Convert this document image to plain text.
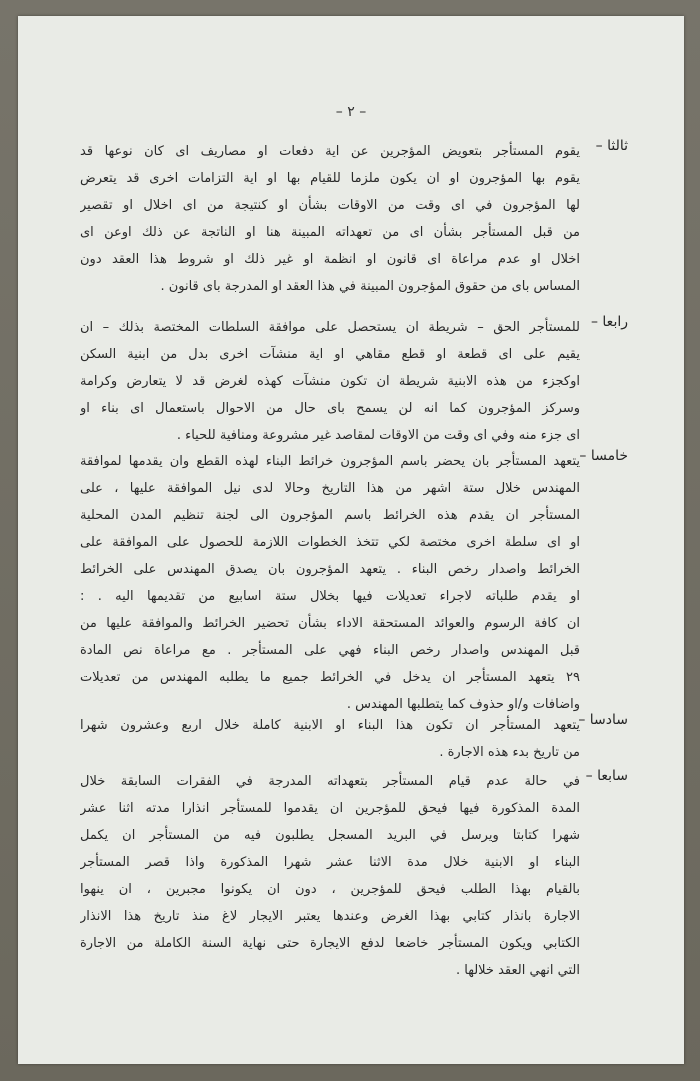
– ٢ –
ثالثا –
يقوم المستأجر بتعويض المؤجرين عن اية دفعات او مصاريف اى كان نوعها قد
يقوم بها المؤجرون او ان يكون ملزما للقيام بها او اية التزامات اخرى قد يتعرض
لها المؤجرون في اى وقت من الاوقات بشأن او كنتيجة من اى اخلال او تقصير
من قبل المستأجر بشأن اى من تعهداته المبينة هنا او الناتجة عن ذلك اوعن اى
اخلال او عدم مراعاة اى قانون او انظمة او غير ذلك او شروط هذا العقد دون
المساس باى من حقوق المؤجرون المبينة في هذا العقد او المدرجة باى قانون .
رابعا –
للمستأجر الحق – شريطة ان يستحصل على موافقة السلطات المختصة بذلك – ان
يقيم على اى قطعة او قطع مقاهي او اية منشآت اخرى بدل من ابنية السكن
اوكجزء من هذه الابنية شريطة ان تكون منشآت كهذه لغرض قد لا يتعارض وكرامة
وسركز المؤجرون كما انه لن يسمح باى حال من الاحوال باستعمال اى بناء او
اى جزء منه وفي اى وقت من الاوقات لمقاصد غير مشروعة ومنافية للحياء .
خامسا –
يتعهد المستأجر بان يحضر باسم المؤجرون خرائط البناء لهذه القطع وان يقدمها لموافقة
المهندس خلال ستة اشهر من هذا التاريخ وحالا لدى نيل الموافقة عليها ، على
المستأجر ان يقدم هذه الخرائط باسم المؤجرون الى لجنة تنظيم المدن المحلية
او اى سلطة اخرى مختصة لكي تتخذ الخطوات اللازمة للحصول على الموافقة على
الخرائط واصدار رخص البناء . يتعهد المؤجرون بان يصدق المهندس على الخرائط
او يقدم طلباته لاجراء تعديلات فيها بخلال ستة اسابيع من تقديمها اليه . :
ان كافة الرسوم والعوائد المستحقة الاداء بشأن تحضير الخرائط والموافقة عليها من
قبل المهندس واصدار رخص البناء فهي على المستأجر . مع مراعاة نص المادة
٢٩ يتعهد المستأجر ان يدخل في الخرائط جميع ما يطلبه المهندس من تعديلات
واضافات و/او حذوف كما يتطلبها المهندس .
سادسا –
يتعهد المستأجر ان تكون هذا البناء او الابنية كاملة خلال اربع وعشرون شهرا
من تاريخ بدء هذه الاجارة .
سابعا –
في حالة عدم قيام المستأجر بتعهداته المدرجة في الفقرات السابقة خلال
المدة المذكورة فيها فيحق للمؤجرين ان يقدموا للمستأجر انذارا مدته اثنا عشر
شهرا كتابتا ويرسل في البريد المسجل يطلبون فيه من المستأجر ان يكمل
البناء او الابنية خلال مدة الاثنا عشر شهرا المذكورة واذا قصر المستأجر
بالقيام بهذا الطلب فيحق للمؤجرين ، دون ان يكونوا مجبرين ، ان ينهوا
الاجارة بانذار كتابي بهذا الغرض وعندها يعتبر الايجار لاغ منذ تاريخ هذا الانذار
الكتابي ويكون المستأجر خاضعا لدفع الايجارة حتى نهاية السنة الكاملة من الاجارة
التي انهي العقد خلالها .
